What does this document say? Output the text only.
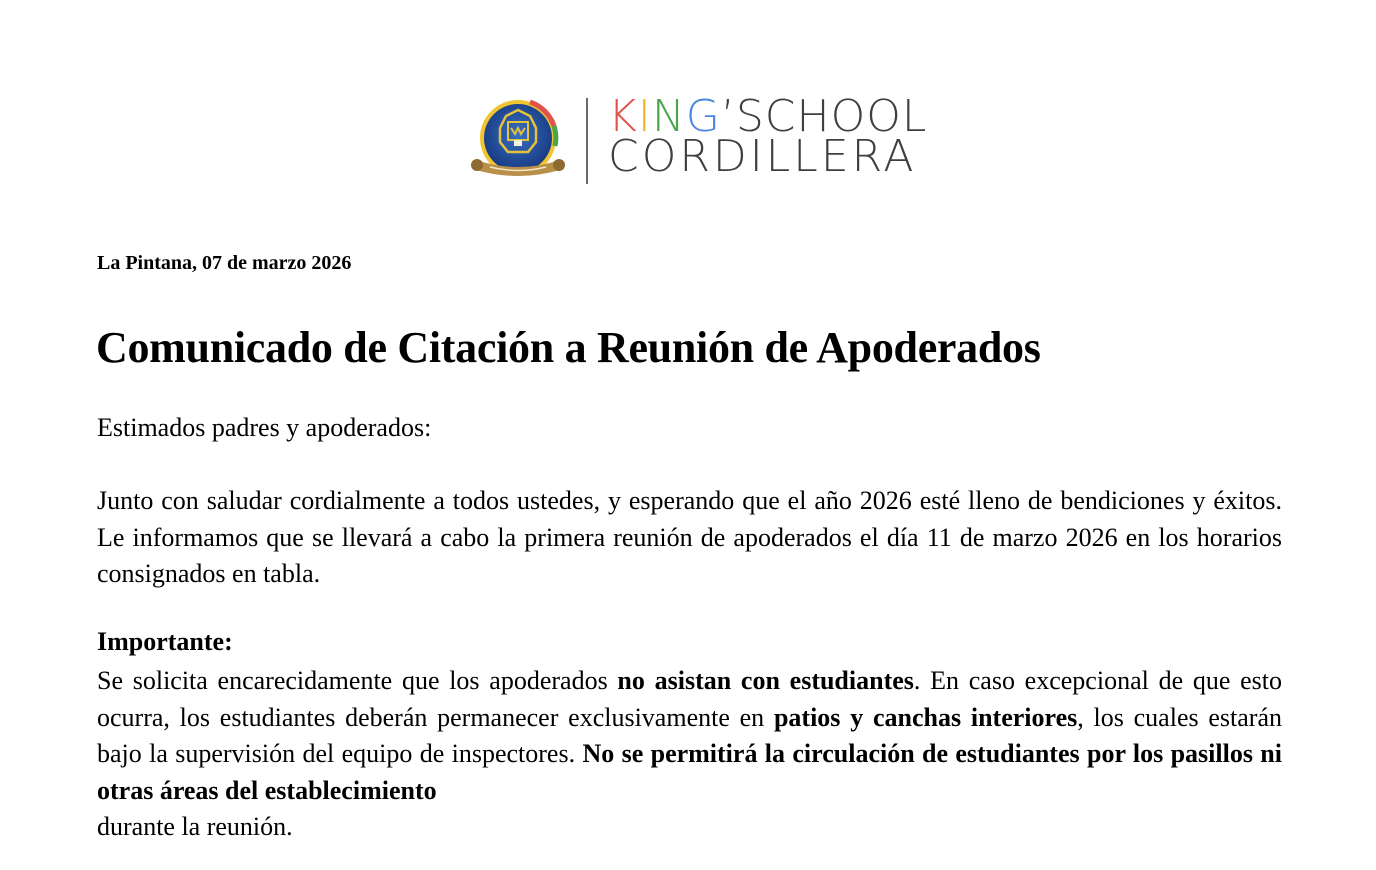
KING’SCHOOL
CORDILLERA
La Pintana, 07 de marzo 2026
Comunicado de Citación a Reunión de Apoderados
Estimados padres y apoderados:

Junto con saludar cordialmente a todos ustedes, y esperando que el año 2026 esté lleno de bendiciones y éxitos. Le informamos que se llevará a cabo la primera reunión de apoderados el día 11 de marzo 2026 en los horarios consignados en tabla.

Importante:

Se solicita encarecidamente que los apoderados no asistan con estudiantes. En caso excepcional de que esto ocurra, los estudiantes deberán permanecer exclusivamente en patios y canchas interiores, los cuales estarán bajo la supervisión del equipo de inspectores. No se permitirá la circulación de estudiantes por los pasillos ni otras áreas del establecimiento
durante la reunión.
